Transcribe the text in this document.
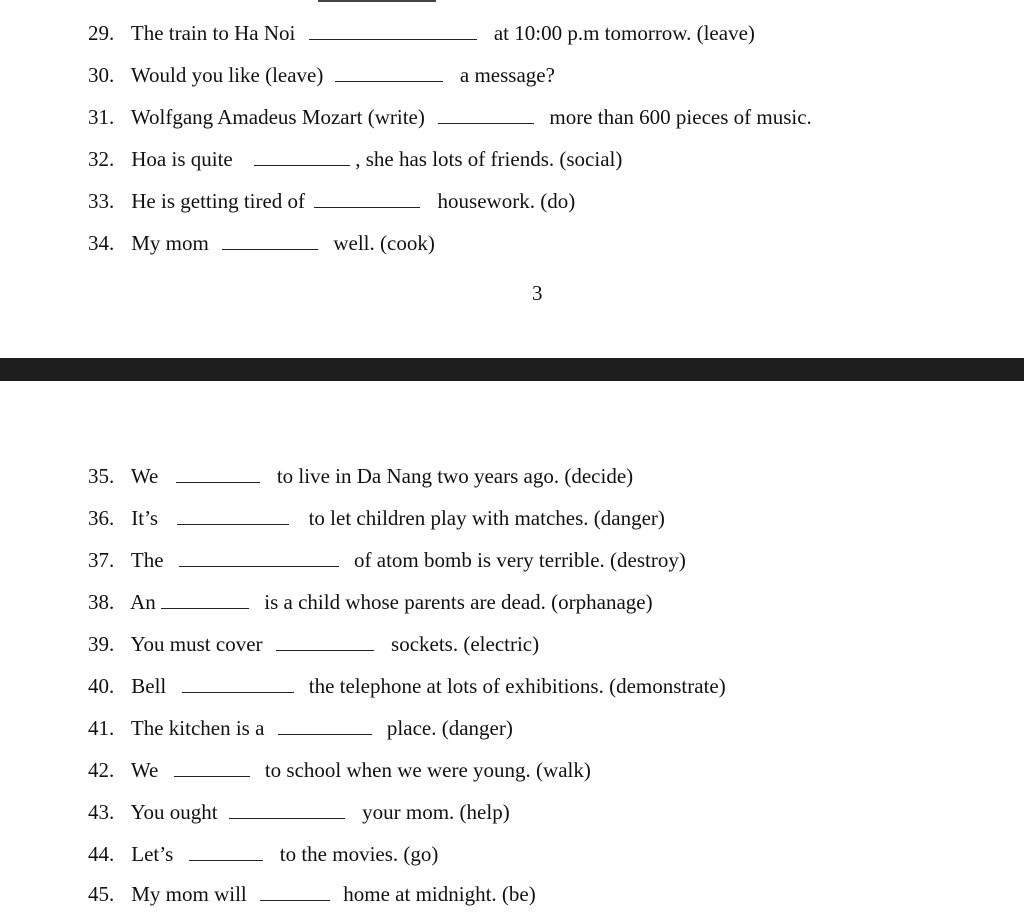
29. The train to Ha Noi	at 10:00 p.m tomorrow. (leave)
30. Would you like (leave)	a message?
31. Wolfgang Amadeus Mozart (write)	more than 600 pieces of music.
32. Hoa is quite	, she has lots of friends. (social)
33. He is getting tired of	housework. (do)
34. My mom	well. (cook)
3
35. We	to live in Da Nang two years ago. (decide)
36. It’s	to let children play with matches. (danger)
37. The	of atom bomb is very terrible. (destroy)
38. An	is a child whose parents are dead. (orphanage)
39. You must cover	sockets. (electric)
40. Bell	the telephone at lots of exhibitions. (demonstrate)
41. The kitchen is a	place. (danger)
42. We	to school when we were young. (walk)
43. You ought	your mom. (help)
44. Let’s	to the movies. (go)
45. My mom will	home at midnight. (be)
